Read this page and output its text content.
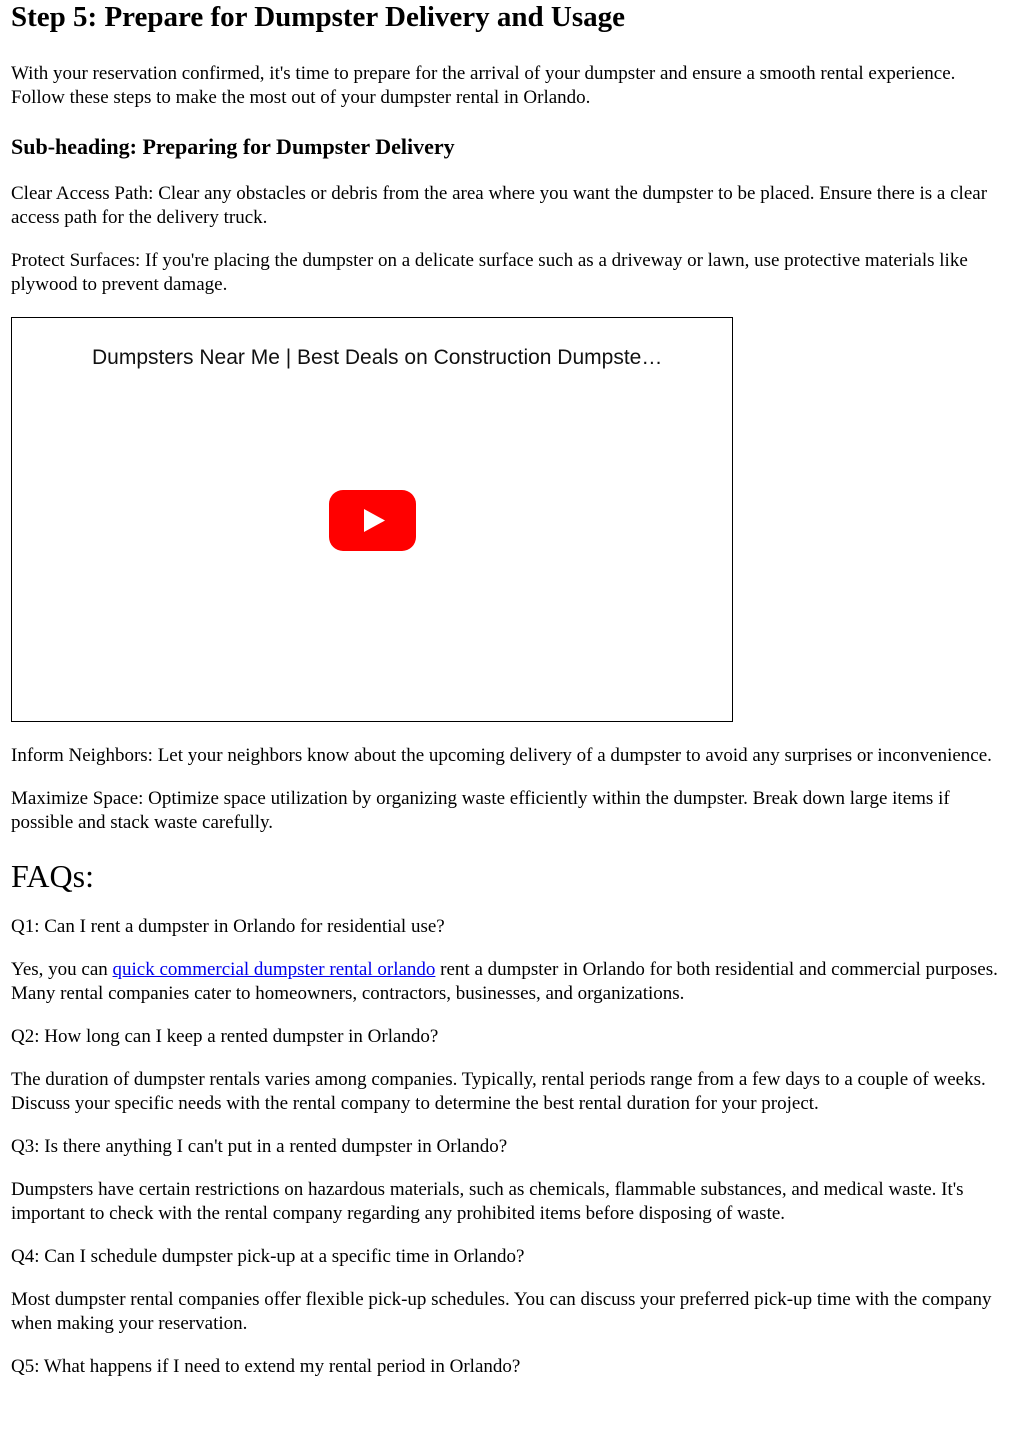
Step 5: Prepare for Dumpster Delivery and Usage

With your reservation confirmed, it's time to prepare for the arrival of your dumpster and ensure a smooth rental experience. Follow these steps to make the most out of your dumpster rental in Orlando.

Sub-heading: Preparing for Dumpster Delivery

Clear Access Path: Clear any obstacles or debris from the area where you want the dumpster to be placed. Ensure there is a clear access path for the delivery truck.

Protect Surfaces: If you're placing the dumpster on a delicate surface such as a driveway or lawn, use protective materials like plywood to prevent damage.

Dumpsters Near Me | Best Deals on Construction Dumpste…

Inform Neighbors: Let your neighbors know about the upcoming delivery of a dumpster to avoid any surprises or inconvenience.

Maximize Space: Optimize space utilization by organizing waste efficiently within the dumpster. Break down large items if possible and stack waste carefully.

FAQs:

Q1: Can I rent a dumpster in Orlando for residential use?

Yes, you can quick commercial dumpster rental orlando rent a dumpster in Orlando for both residential and commercial purposes. Many rental companies cater to homeowners, contractors, businesses, and organizations.

Q2: How long can I keep a rented dumpster in Orlando?

The duration of dumpster rentals varies among companies. Typically, rental periods range from a few days to a couple of weeks. Discuss your specific needs with the rental company to determine the best rental duration for your project.

Q3: Is there anything I can't put in a rented dumpster in Orlando?

Dumpsters have certain restrictions on hazardous materials, such as chemicals, flammable substances, and medical waste. It's important to check with the rental company regarding any prohibited items before disposing of waste.

Q4: Can I schedule dumpster pick-up at a specific time in Orlando?

Most dumpster rental companies offer flexible pick-up schedules. You can discuss your preferred pick-up time with the company when making your reservation.

Q5: What happens if I need to extend my rental period in Orlando?
